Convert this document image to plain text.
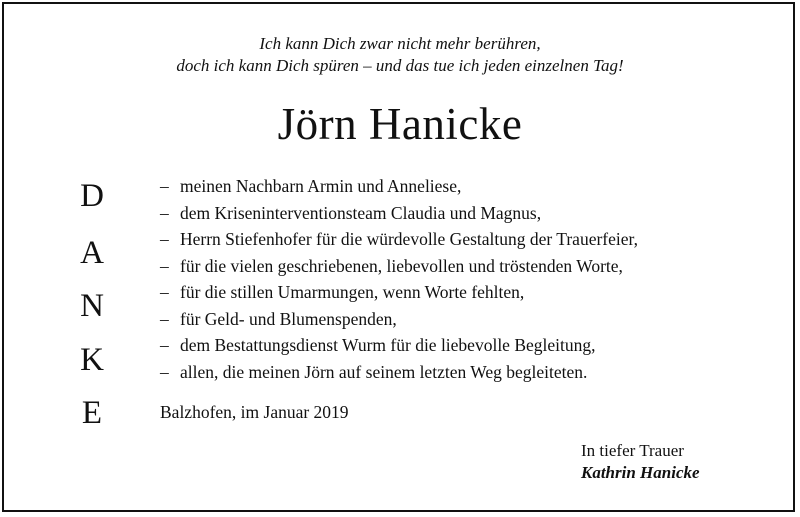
Ich kann Dich zwar nicht mehr berühren,
doch ich kann Dich spüren – und das tue ich jeden einzelnen Tag!
Jörn Hanicke
D
A
N
K
E
– meinen Nachbarn Armin und Anneliese,
– dem Kriseninterventionsteam Claudia und Magnus,
– Herrn Stiefenhofer für die würdevolle Gestaltung der Trauerfeier,
– für die vielen geschriebenen, liebevollen und tröstenden Worte,
– für die stillen Umarmungen, wenn Worte fehlten,
– für Geld- und Blumenspenden,
– dem Bestattungsdienst Wurm für die liebevolle Begleitung,
– allen, die meinen Jörn auf seinem letzten Weg begleiteten.
Balzhofen, im Januar 2019
In tiefer Trauer
Kathrin Hanicke
